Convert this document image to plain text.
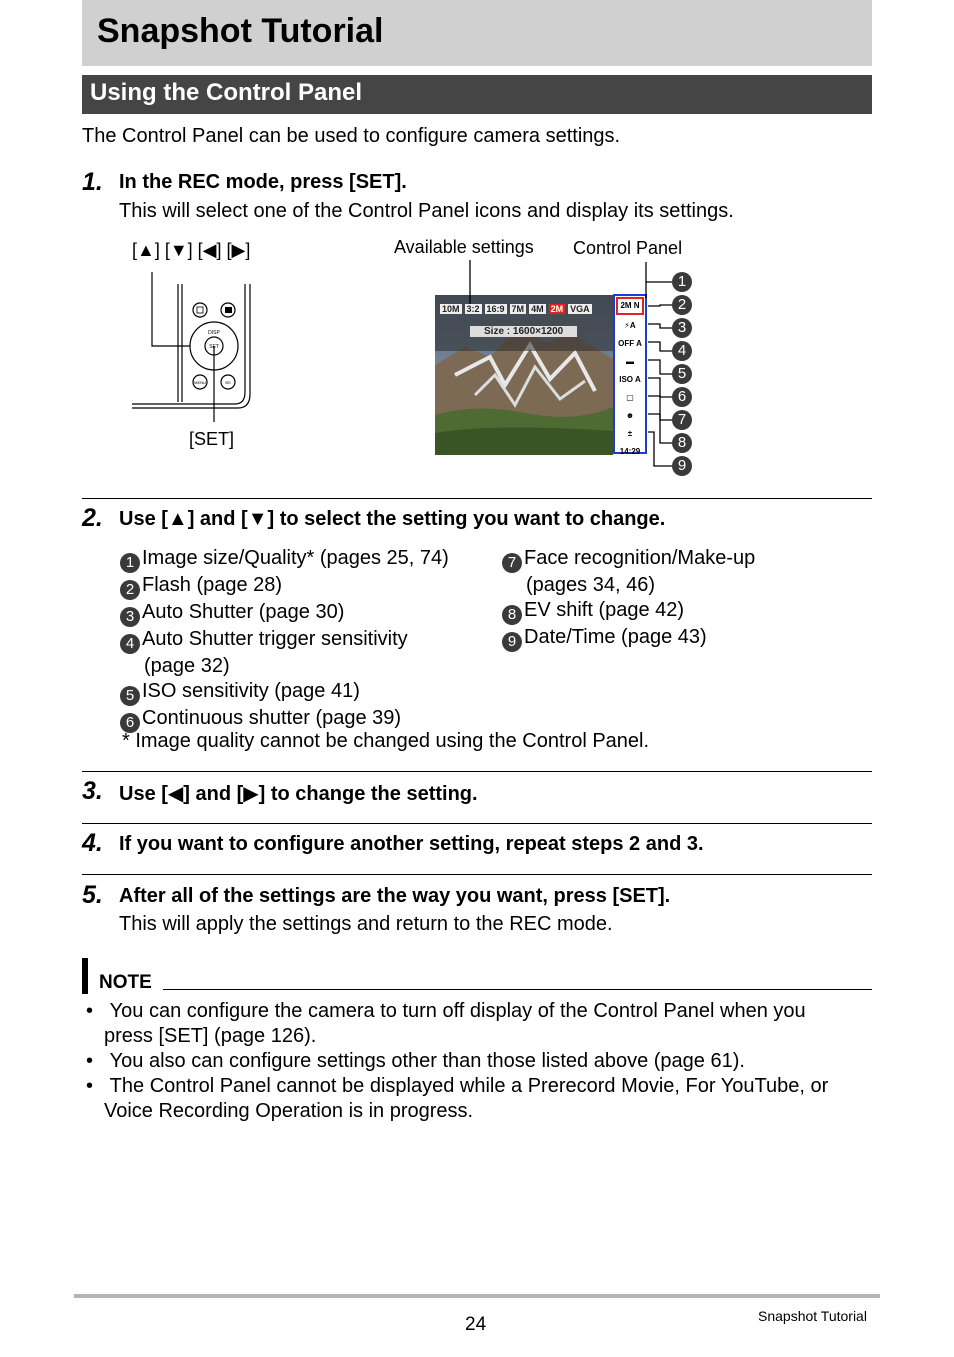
Snapshot Tutorial
Using the Control Panel
The Control Panel can be used to configure camera settings.
1. In the REC mode, press [SET].
This will select one of the Control Panel icons and display its settings.
[▲] [▼] [◀] [▶]
[SET]
Available settings Control Panel
DISP
SET
MENU	BS
10M 3:2 16:9 7M 4M 2M VGA
Size : 1600×1200
2M N
⚡A
OFF A
▬
ISO A
▢
☻
±
14:29
1
2
3
4
5
6
7
8
9
2. Use [▲] and [▼] to select the setting you want to change.
1 Image size/Quality* (pages 25, 74)
2 Flash (page 28)
3 Auto Shutter (page 30)
4 Auto Shutter trigger sensitivity
(page 32)
5 ISO sensitivity (page 41)
6 Continuous shutter (page 39)
7 Face recognition/Make-up
(pages 34, 46)
8 EV shift (page 42)
9 Date/Time (page 43)
* Image quality cannot be changed using the Control Panel.
3. Use [◀] and [▶] to change the setting.
4. If you want to configure another setting, repeat steps 2 and 3.
5. After all of the settings are the way you want, press [SET].
This will apply the settings and return to the REC mode.
NOTE
•   You can configure the camera to turn off display of the Control Panel when you
press [SET] (page 126).
•   You also can configure settings other than those listed above (page 61).
•   The Control Panel cannot be displayed while a Prerecord Movie, For YouTube, or
Voice Recording Operation is in progress.
24	Snapshot Tutorial
